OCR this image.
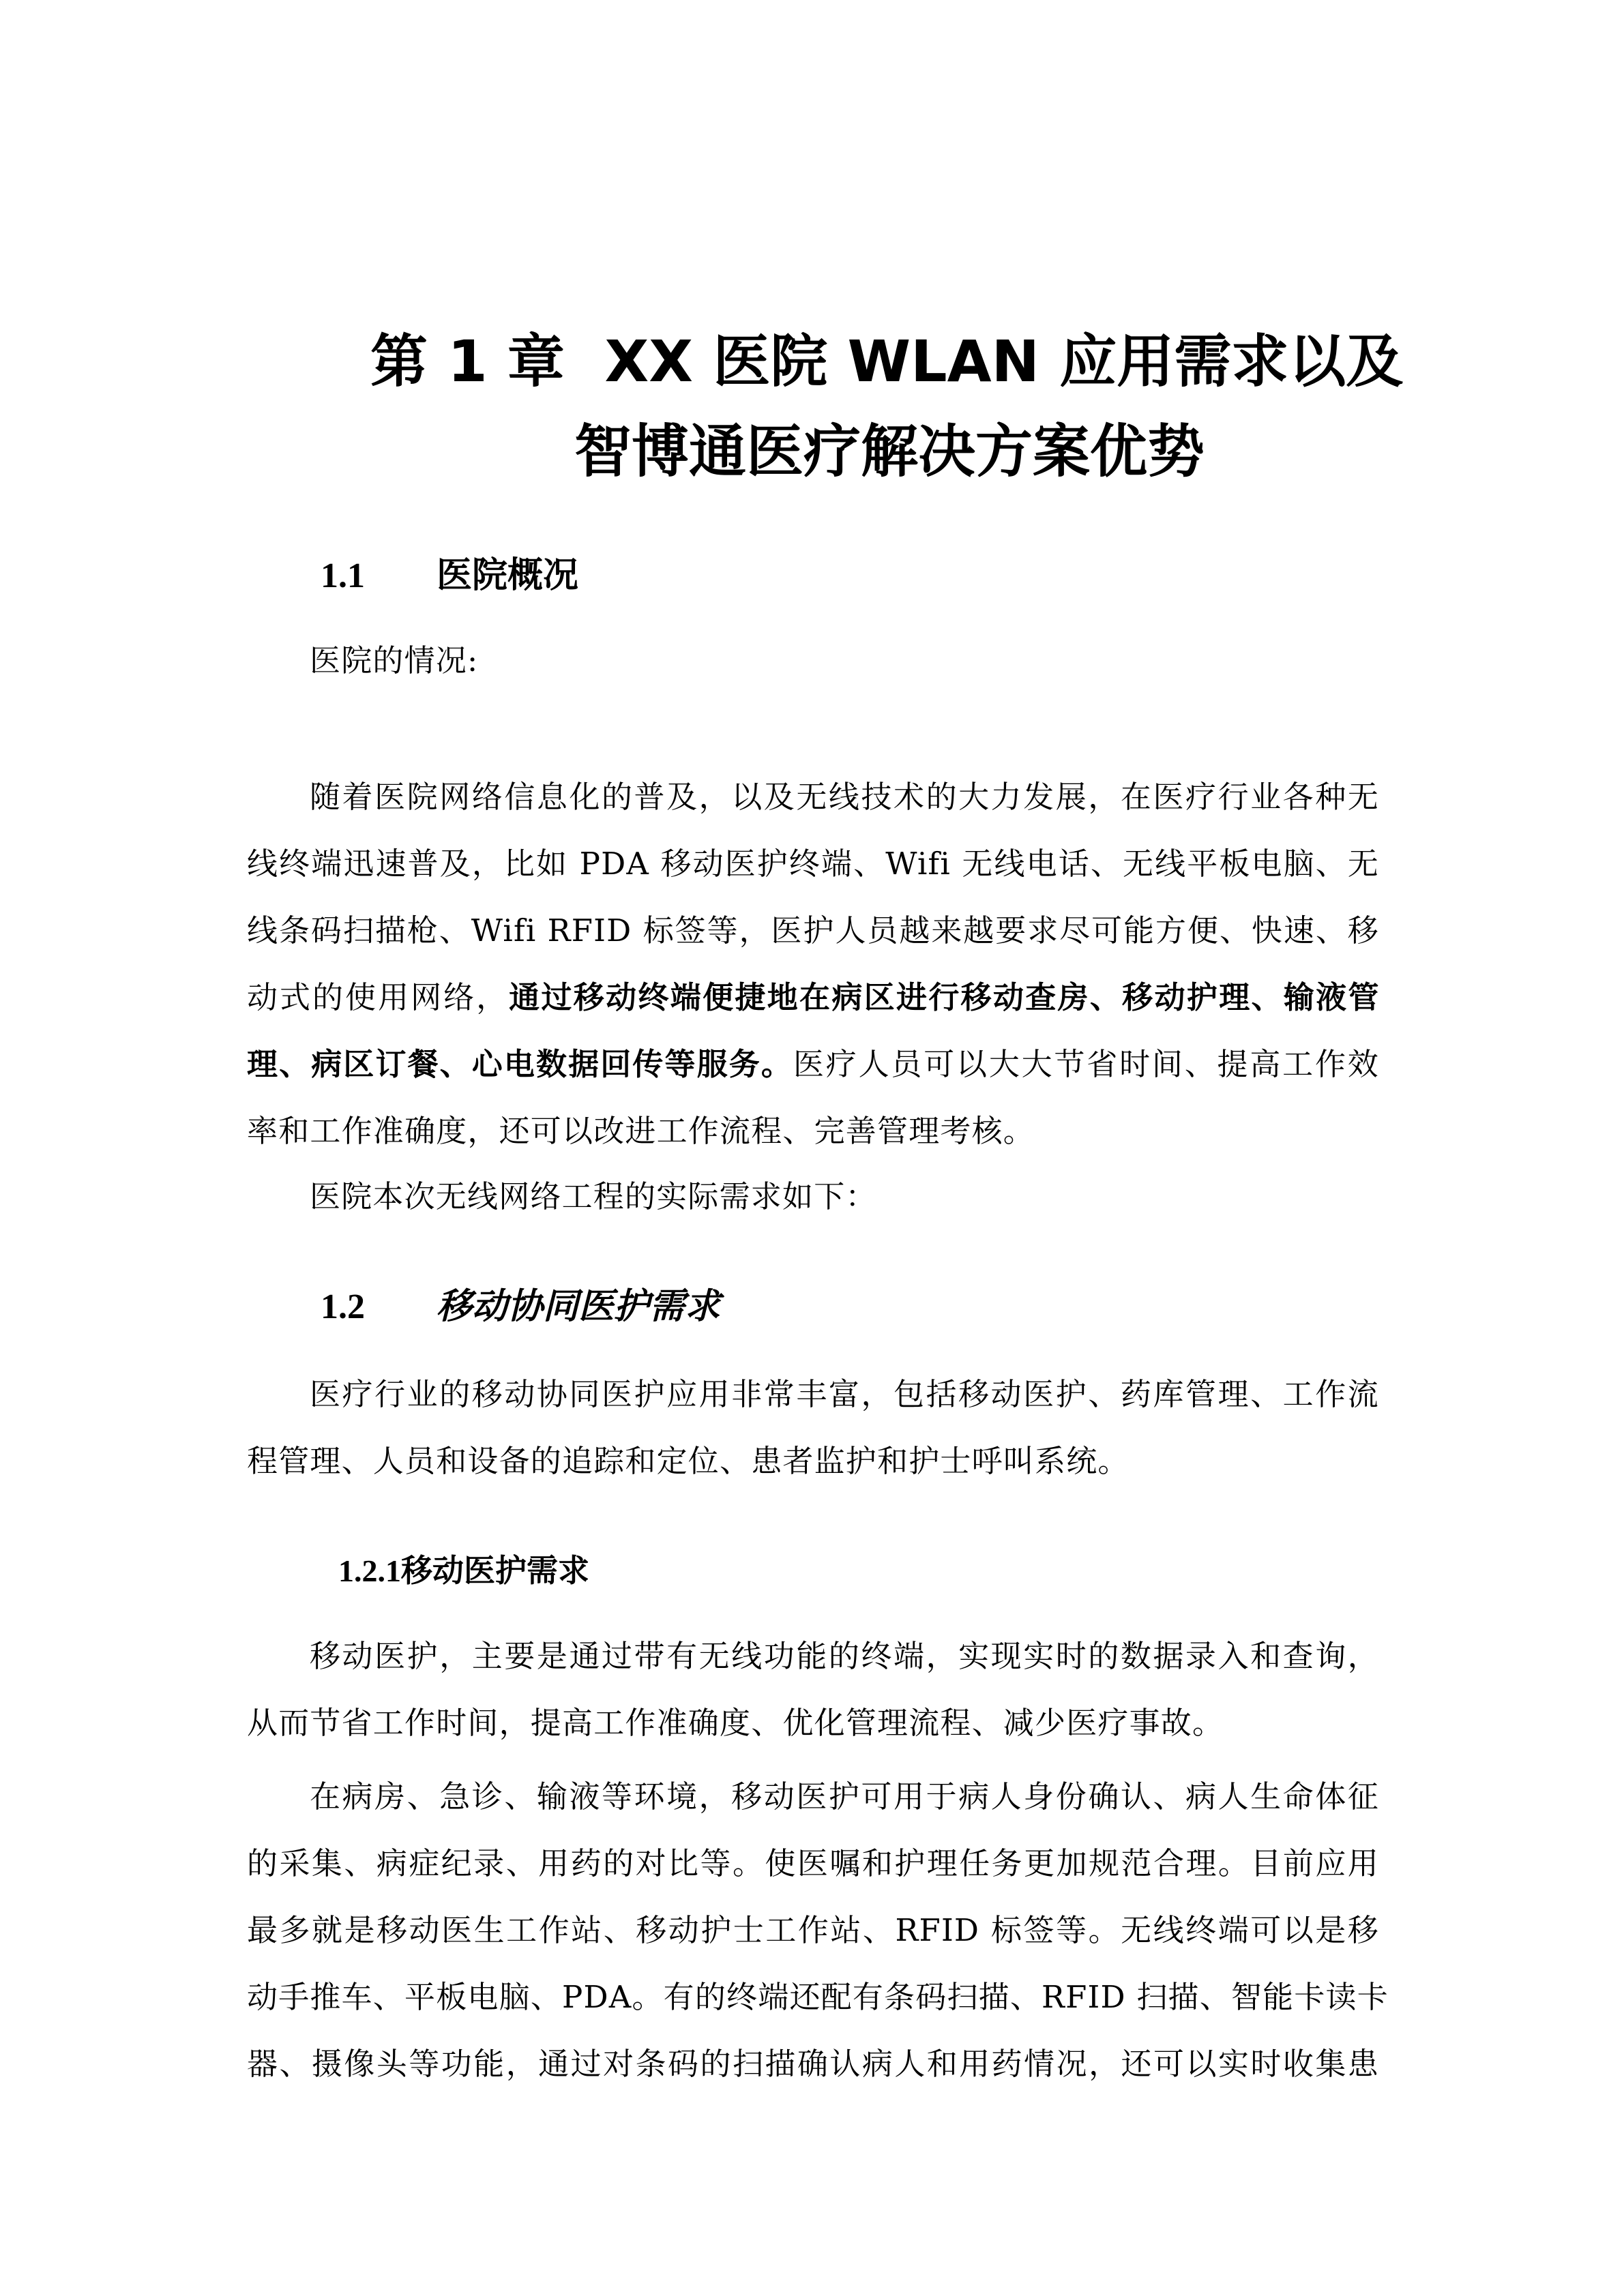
第 1 章 XX 医院 WLAN 应用需求以及
智博通医疗解决方案优势
1.1 医院概况
医院的情况:
随着医院网络信息化的普及，以及无线技术的大力发展，在医疗行业各种无
线终端迅速普及，比如 PDA 移动医护终端、Wifi 无线电话、无线平板电脑、无
线条码扫描枪、Wifi RFID 标签等，医护人员越来越要求尽可能方便、快速、移
动式的使用网络，通过移动终端便捷地在病区进行移动查房、移动护理、输液管
理、病区订餐、心电数据回传等服务。医疗人员可以大大节省时间、提高工作效
率和工作准确度，还可以改进工作流程、完善管理考核。
医院本次无线网络工程的实际需求如下：
1.2 移动协同医护需求
医疗行业的移动协同医护应用非常丰富，包括移动医护、药库管理、工作流
程管理、人员和设备的追踪和定位、患者监护和护士呼叫系统。
1.2.1移动医护需求
移动医护，主要是通过带有无线功能的终端，实现实时的数据录入和查询，
从而节省工作时间，提高工作准确度、优化管理流程、减少医疗事故。
在病房、急诊、输液等环境，移动医护可用于病人身份确认、病人生命体征
的采集、病症纪录、用药的对比等。使医嘱和护理任务更加规范合理。目前应用
最多就是移动医生工作站、移动护士工作站、RFID 标签等。无线终端可以是移
动手推车、平板电脑、PDA。有的终端还配有条码扫描、RFID 扫描、智能卡读卡
器、摄像头等功能，通过对条码的扫描确认病人和用药情况，还可以实时收集患
